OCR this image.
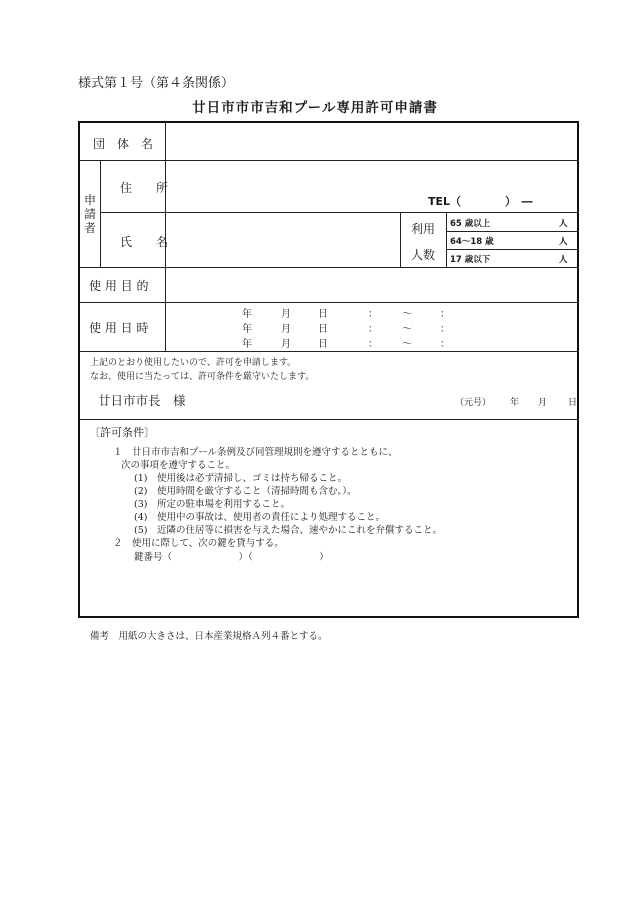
様式第１号（第４条関係）
廿日市市市吉和プール専用許可申請書
団　体　名
申請者
住　　所
TEL（　　　　）　―
氏　　名
利用
人数
65 歳以上	人
64～18 歳	人
17 歳以下	人
使 用 目 的
使 用 日 時
年	月	日	： ～	：
年	月	日	： ～	：
年	月	日	： ～	：
上記のとおり使用したいので、許可を申請します。
なお、使用に当たっては、許可条件を厳守いたします。
廿日市市長　様	（元号） 年 月 日
〔許可条件〕
１　廿日市市吉和プール条例及び同管理規則を遵守するとともに、
次の事項を遵守すること。
(1)　使用後は必ず清掃し、ゴミは持ち帰ること。
(2)　使用時間を厳守すること（清掃時間も含む。）。
(3)　所定の駐車場を利用すること。
(4)　使用中の事故は、使用者の責任により処理すること。
(5)　近隣の住居等に損害を与えた場合、速やかにこれを弁償すること。
２　使用に際して、次の鍵を貸与する。
鍵番号（　　　　　　　）（　　　　　　　）
備考　用紙の大きさは、日本産業規格Ａ列４番とする。
